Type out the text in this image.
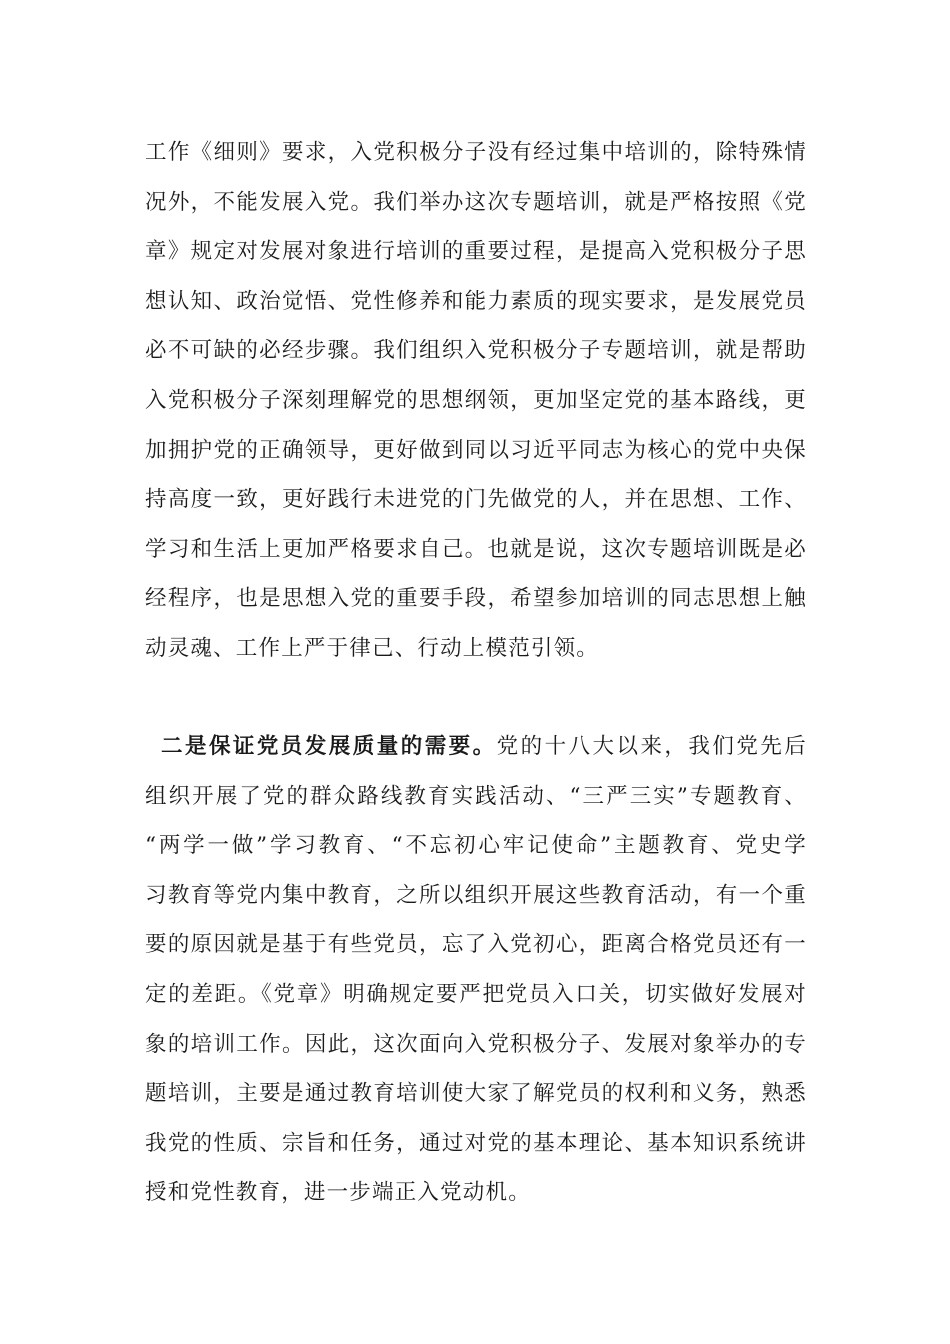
工作《细则》要求，入党积极分子没有经过集中培训的，除特殊情
况外，不能发展入党。我们举办这次专题培训，就是严格按照《党
章》规定对发展对象进行培训的重要过程，是提高入党积极分子思
想认知、政治觉悟、党性修养和能力素质的现实要求，是发展党员
必不可缺的必经步骤。我们组织入党积极分子专题培训，就是帮助
入党积极分子深刻理解党的思想纲领，更加坚定党的基本路线，更
加拥护党的正确领导，更好做到同以习近平同志为核心的党中央保
持高度一致，更好践行未进党的门先做党的人，并在思想、工作、
学习和生活上更加严格要求自己。也就是说，这次专题培训既是必
经程序，也是思想入党的重要手段，希望参加培训的同志思想上触
动灵魂、工作上严于律己、行动上模范引领。
二是保证党员发展质量的需要。党的十八大以来，我们党先后
组织开展了党的群众路线教育实践活动、“三严三实”专题教育、
“两学一做”学习教育、“不忘初心牢记使命”主题教育、党史学
习教育等党内集中教育，之所以组织开展这些教育活动，有一个重
要的原因就是基于有些党员，忘了入党初心，距离合格党员还有一
定的差距。《党章》明确规定要严把党员入口关，切实做好发展对
象的培训工作。因此，这次面向入党积极分子、发展对象举办的专
题培训，主要是通过教育培训使大家了解党员的权利和义务，熟悉
我党的性质、宗旨和任务，通过对党的基本理论、基本知识系统讲
授和党性教育，进一步端正入党动机。
